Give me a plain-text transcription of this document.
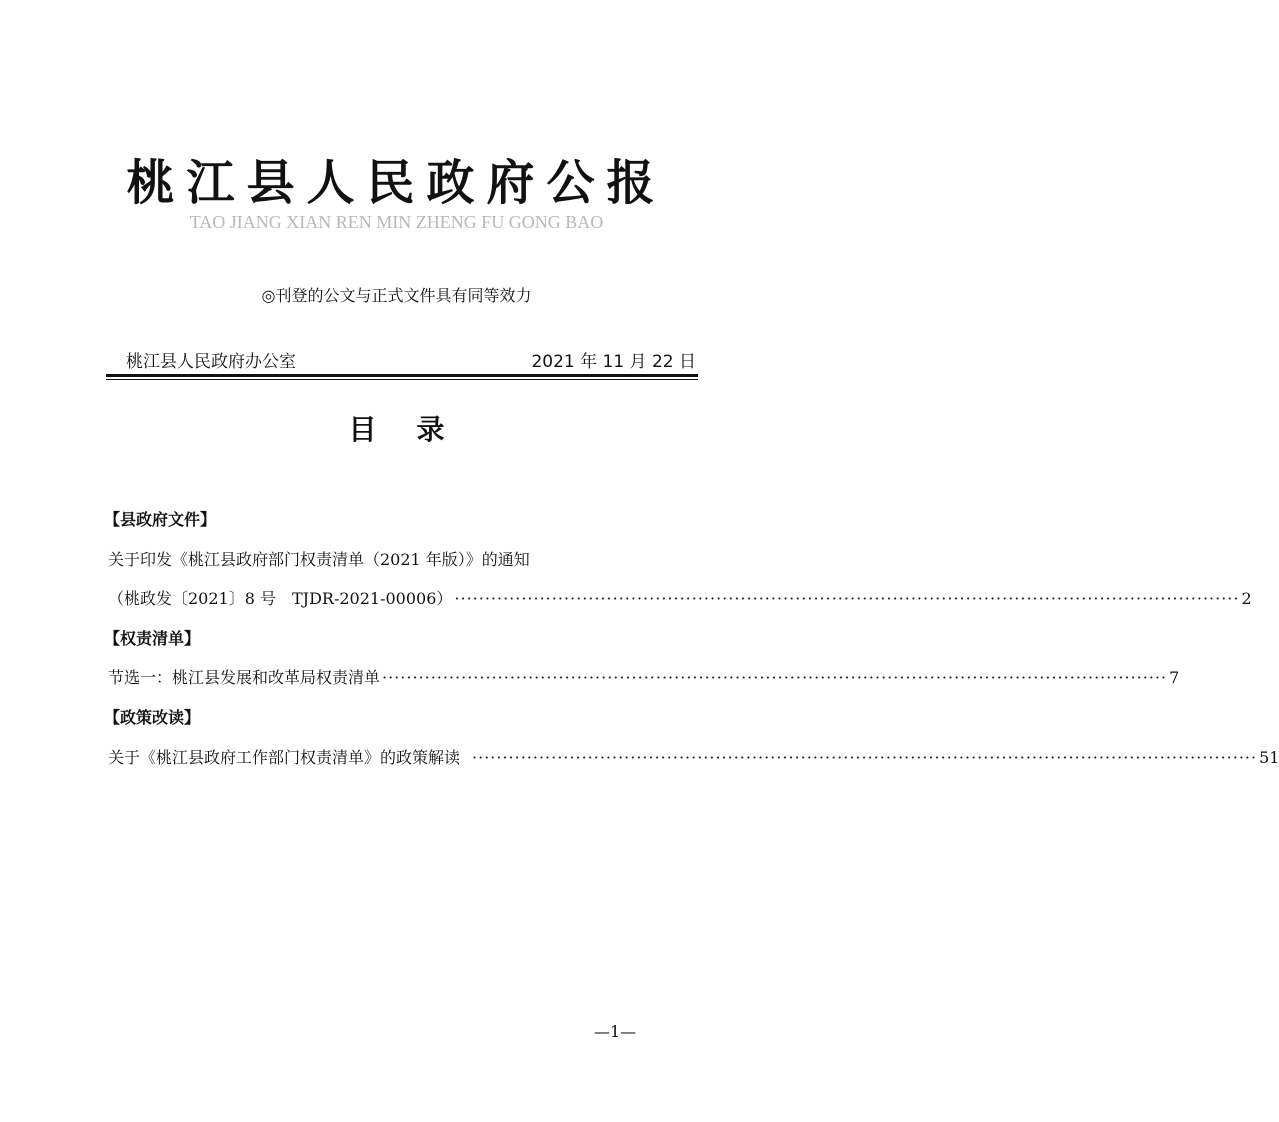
桃江县人民政府公报
TAO JIANG XIAN REN MIN ZHENG FU GONG BAO
◎刊登的公文与正式文件具有同等效力
桃江县人民政府办公室	2021 年 11 月 22 日
目录
【县政府文件】
关于印发《桃江县政府部门权责清单（2021 年版）》的通知
（桃政发〔2021〕8 号　TJDR-2021-00006） ································································································································· 2
【权责清单】
节选一：桃江县发展和改革局权责清单 ································································································································· 7
【政策改读】
关于《桃江县政府工作部门权责清单》的政策解读 ································································································································· 51
—1—
